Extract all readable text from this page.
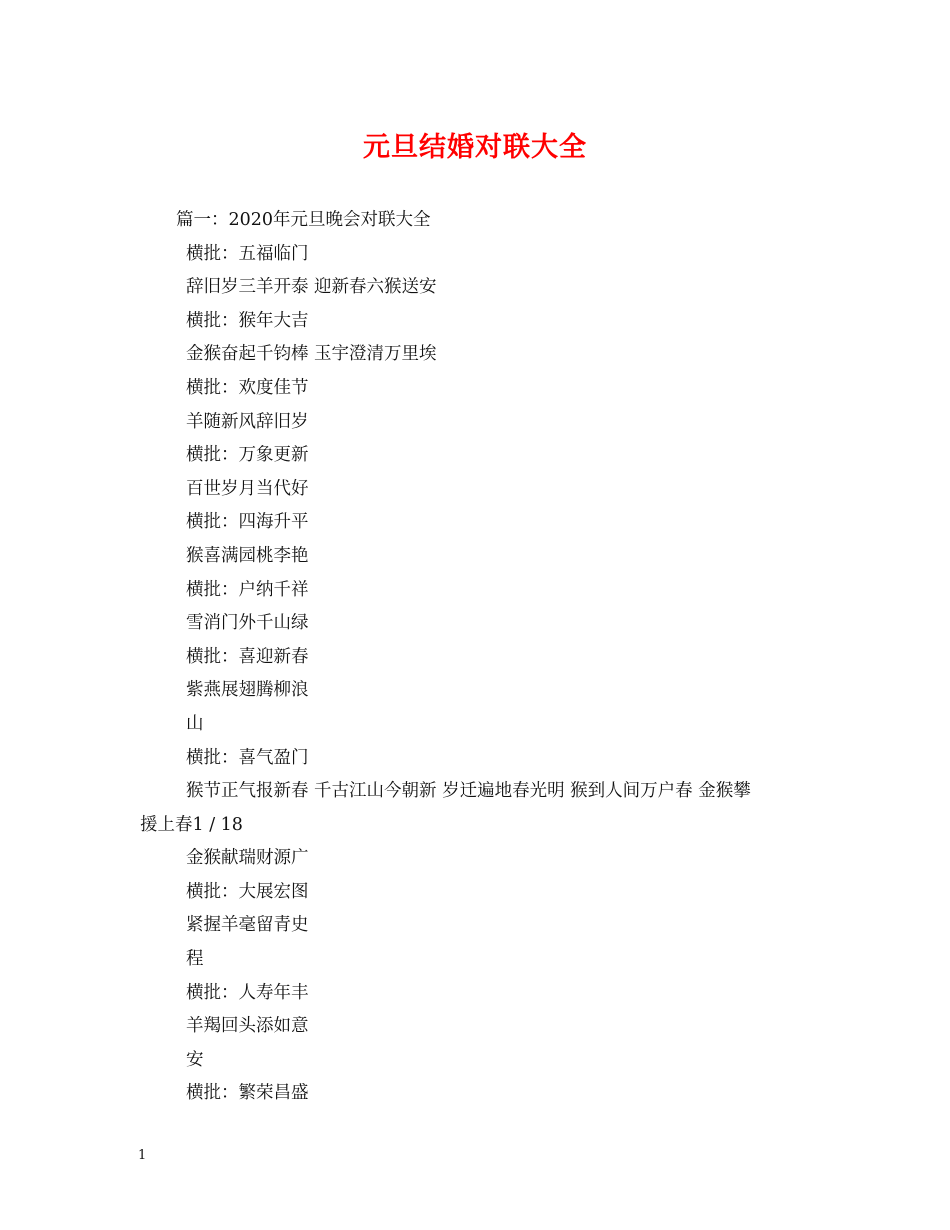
元旦结婚对联大全
篇一：2020年元旦晚会对联大全
横批：五福临门
辞旧岁三羊开泰 迎新春六猴送安
横批：猴年大吉
金猴奋起千钧棒 玉宇澄清万里埃
横批：欢度佳节
羊随新风辞旧岁
横批：万象更新
百世岁月当代好
横批：四海升平
猴喜满园桃李艳
横批：户纳千祥
雪消门外千山绿
横批：喜迎新春
紫燕展翅腾柳浪
山
横批：喜气盈门
猴节正气报新春 千古江山今朝新 岁迁遍地春光明 猴到人间万户春 金猴攀
援上春1 / 18
金猴献瑞财源广
横批：大展宏图
紧握羊毫留青史
程
横批：人寿年丰
羊羯回头添如意
安
横批：繁荣昌盛
1
